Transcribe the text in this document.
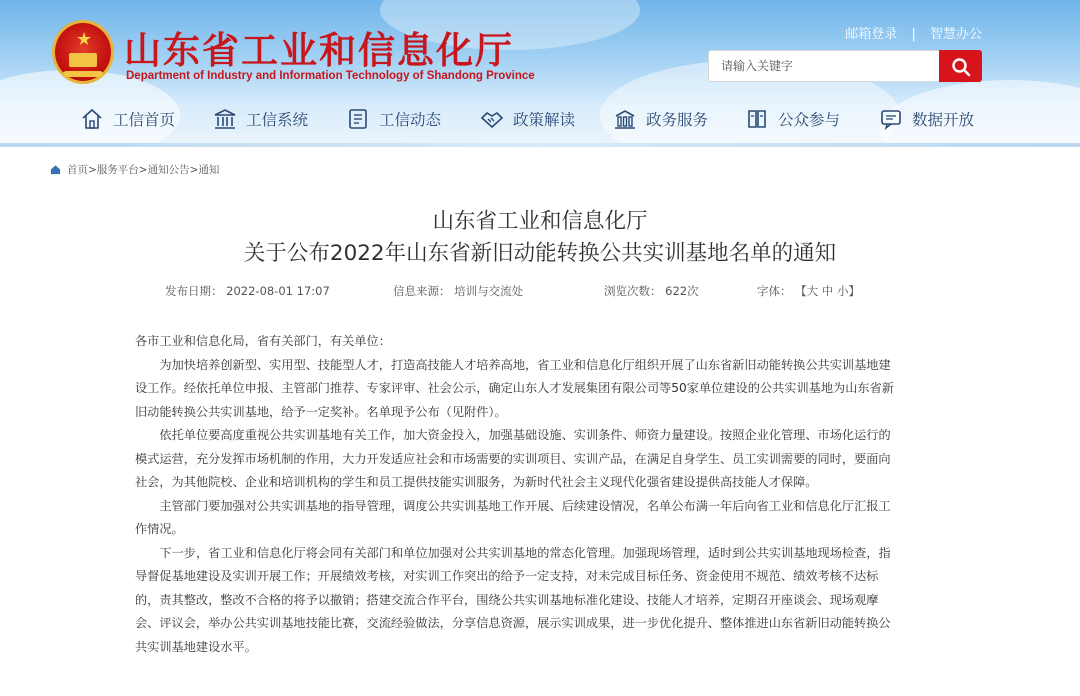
★ 山东省工业和信息化厅
Department of Industry and Information Technology of Shandong Province
邮箱登录 | 智慧办公
请输入关键字
工信首页	工信系统	工信动态	政策解读	政务服务	公众参与	数据开放
首页>服务平台>通知公告>通知
山东省工业和信息化厅
关于公布2022年山东省新旧动能转换公共实训基地名单的通知
发布日期： 2022-08-01 17:07	信息来源： 培训与交流处	浏览次数： 622次	字体： 【大 中 小】

各市工业和信息化局，省有关部门，有关单位：

为加快培养创新型、实用型、技能型人才，打造高技能人才培养高地，省工业和信息化厅组织开展了山东省新旧动能转换公共实训基地建设工作。经依托单位申报、主管部门推荐、专家评审、社会公示，确定山东人才发展集团有限公司等50家单位建设的公共实训基地为山东省新旧动能转换公共实训基地，给予一定奖补。名单现予公布（见附件）。

依托单位要高度重视公共实训基地有关工作，加大资金投入，加强基础设施、实训条件、师资力量建设。按照企业化管理、市场化运行的模式运营，充分发挥市场机制的作用，大力开发适应社会和市场需要的实训项目、实训产品，在满足自身学生、员工实训需要的同时，要面向社会，为其他院校、企业和培训机构的学生和员工提供技能实训服务，为新时代社会主义现代化强省建设提供高技能人才保障。

主管部门要加强对公共实训基地的指导管理，调度公共实训基地工作开展、后续建设情况，名单公布满一年后向省工业和信息化厅汇报工作情况。

下一步，省工业和信息化厅将会同有关部门和单位加强对公共实训基地的常态化管理。加强现场管理，适时到公共实训基地现场检查，指导督促基地建设及实训开展工作；开展绩效考核，对实训工作突出的给予一定支持，对未完成目标任务、资金使用不规范、绩效考核不达标的，责其整改，整改不合格的将予以撤销；搭建交流合作平台，围绕公共实训基地标准化建设、技能人才培养，定期召开座谈会、现场观摩会、评议会，举办公共实训基地技能比赛，交流经验做法，分享信息资源，展示实训成果，进一步优化提升、整体推进山东省新旧动能转换公共实训基地建设水平。
